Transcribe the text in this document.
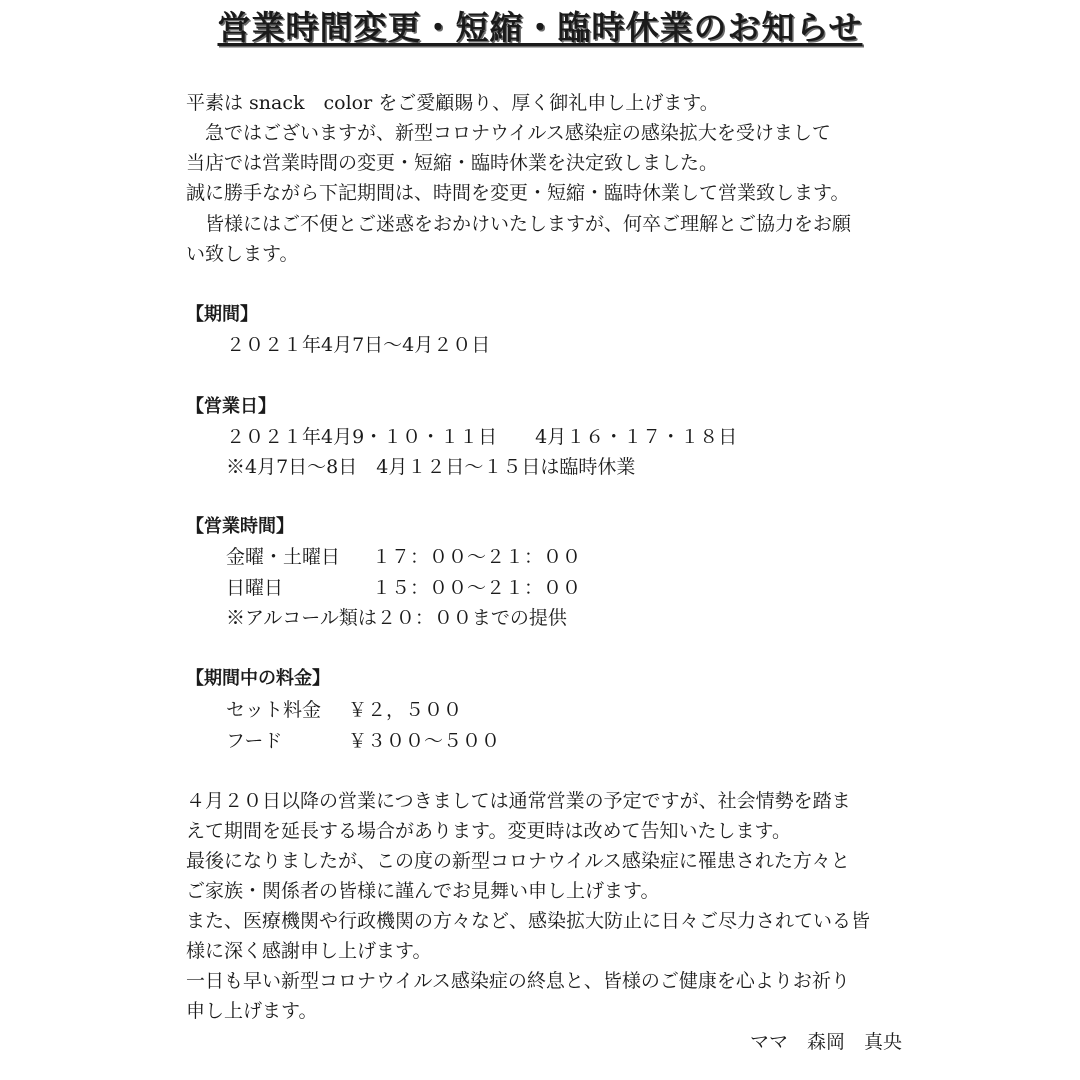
営業時間変更・短縮・臨時休業のお知らせ
平素は snack　color をご愛顧賜り、厚く御礼申し上げます。
　急ではございますが、新型コロナウイルス感染症の感染拡大を受けまして
当店では営業時間の変更・短縮・臨時休業を決定致しました。
誠に勝手ながら下記期間は、時間を変更・短縮・臨時休業して営業致します。
　皆様にはご不便とご迷惑をおかけいたしますが、何卒ご理解とご協力をお願
い致します。
【期間】
２０２１年4月7日〜4月２０日
【営業日】
２０２１年4月9・１０・１１日　　4月１６・１７・１８日
※4月7日〜8日　4月１２日〜１５日は臨時休業
【営業時間】
金曜・土曜日 １７：００〜２１：００
日曜日	１５：００〜２１：００
※アルコール類は２０：００までの提供
【期間中の料金】
セット料金 ￥２，５００
フード	￥３００〜５００
４月２０日以降の営業につきましては通常営業の予定ですが、社会情勢を踏ま
えて期間を延長する場合があります。変更時は改めて告知いたします。
最後になりましたが、この度の新型コロナウイルス感染症に罹患された方々と
ご家族・関係者の皆様に謹んでお見舞い申し上げます。
また、医療機関や行政機関の方々など、感染拡大防止に日々ご尽力されている皆
様に深く感謝申し上げます。
一日も早い新型コロナウイルス感染症の終息と、皆様のご健康を心よりお祈り
申し上げます。
ママ　森岡　真央
